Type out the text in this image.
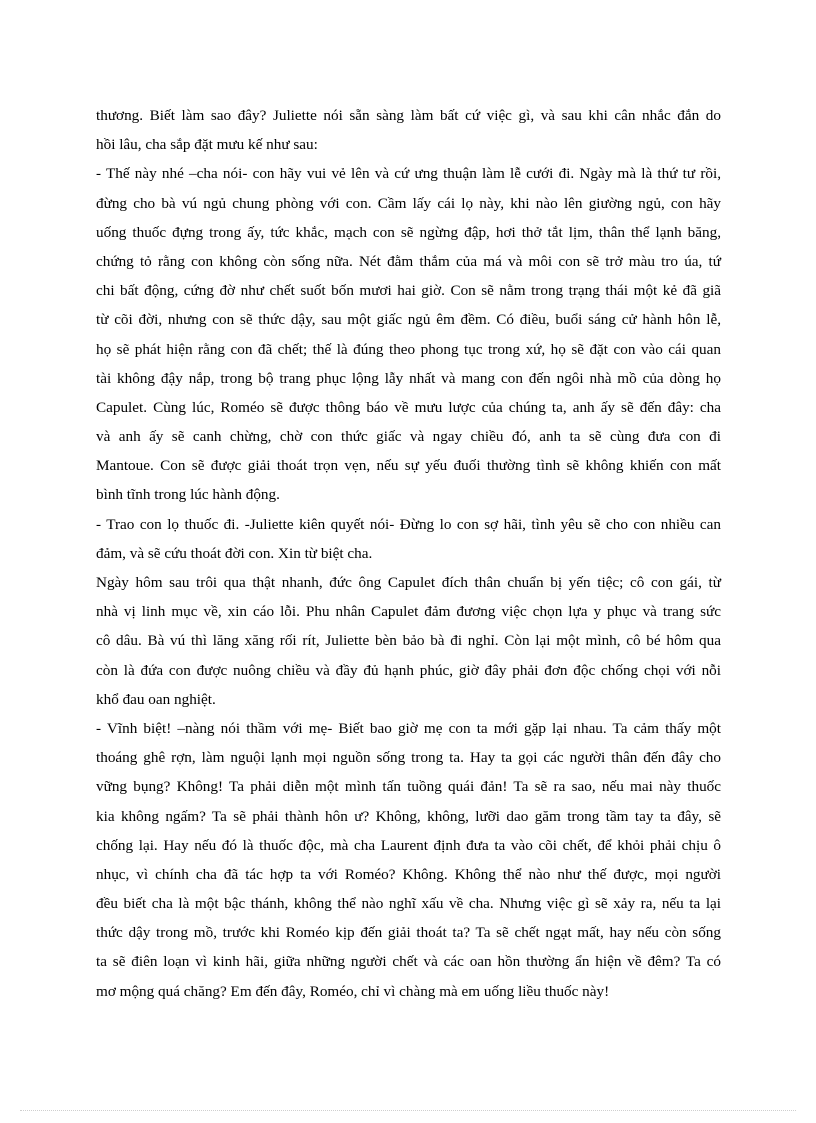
thương. Biết làm sao đây? Juliette nói sẵn sàng làm bất cứ việc gì, và sau khi cân nhắc đắn do
hồi lâu, cha sắp đặt mưu kế như sau:
- Thế này nhé –cha nói- con hãy vui vẻ lên và cứ ưng thuận làm lễ cưới đi. Ngày mà là thứ tư rồi,
đừng cho bà vú ngủ chung phòng với con. Cầm lấy cái lọ này, khi nào lên giường ngủ, con hãy
uống thuốc đựng trong ấy, tức khắc, mạch con sẽ ngừng đập, hơi thở tắt lịm, thân thể lạnh băng,
chứng tỏ rằng con không còn sống nữa. Nét đằm thắm của má và môi con sẽ trở màu tro úa, tứ
chi bất động, cứng đờ như chết suốt bốn mươi hai giờ. Con sẽ nằm trong trạng thái một kẻ đã giã
từ cõi đời, nhưng con sẽ thức dậy, sau một giấc ngủ êm đềm. Có điều, buổi sáng cử hành hôn lễ,
họ sẽ phát hiện rằng con đã chết; thế là đúng theo phong tục trong xứ, họ sẽ đặt con vào cái quan
tài không đậy nắp, trong bộ trang phục lộng lẫy nhất và mang con đến ngôi nhà mồ của dòng họ
Capulet. Cùng lúc, Roméo sẽ được thông báo về mưu lược của chúng ta, anh ấy sẽ đến đây: cha
và anh ấy sẽ canh chừng, chờ con thức giấc và ngay chiều đó, anh ta sẽ cùng đưa con đi
Mantoue. Con sẽ được giải thoát trọn vẹn, nếu sự yếu đuối thường tình sẽ không khiến con mất
bình tĩnh trong lúc hành động.
- Trao con lọ thuốc đi. -Juliette kiên quyết nói- Đừng lo con sợ hãi, tình yêu sẽ cho con nhiều can
đảm, và sẽ cứu thoát đời con. Xin từ biệt cha.
Ngày hôm sau trôi qua thật nhanh, đức ông Capulet đích thân chuẩn bị yến tiệc; cô con gái, từ
nhà vị linh mục về, xin cáo lỗi. Phu nhân Capulet đảm đương việc chọn lựa y phục và trang sức
cô dâu. Bà vú thì lăng xăng rối rít, Juliette bèn bảo bà đi nghỉ. Còn lại một mình, cô bé hôm qua
còn là đứa con được nuông chiều và đầy đủ hạnh phúc, giờ đây phải đơn độc chống chọi với nỗi
khổ đau oan nghiệt.
- Vĩnh biệt! –nàng nói thầm với mẹ- Biết bao giờ mẹ con ta mới gặp lại nhau. Ta cảm thấy một
thoáng ghê rợn, làm nguội lạnh mọi nguồn sống trong ta. Hay ta gọi các người thân đến đây cho
vững bụng? Không! Ta phải diễn một mình tấn tuồng quái đản! Ta sẽ ra sao, nếu mai này thuốc
kia không ngấm? Ta sẽ phải thành hôn ư? Không, không, lưỡi dao găm trong tầm tay ta đây, sẽ
chống lại. Hay nếu đó là thuốc độc, mà cha Laurent định đưa ta vào cõi chết, để khỏi phải chịu ô
nhục, vì chính cha đã tác hợp ta với Roméo? Không. Không thể nào như thế được, mọi người
đều biết cha là một bậc thánh, không thể nào nghĩ xấu về cha. Nhưng việc gì sẽ xảy ra, nếu ta lại
thức dậy trong mồ, trước khi Roméo kịp đến giải thoát ta? Ta sẽ chết ngạt mất, hay nếu còn sống
ta sẽ điên loạn vì kinh hãi, giữa những người chết và các oan hồn thường ẩn hiện về đêm? Ta có
mơ mộng quá chăng? Em đến đây, Roméo, chỉ vì chàng mà em uống liều thuốc này!
